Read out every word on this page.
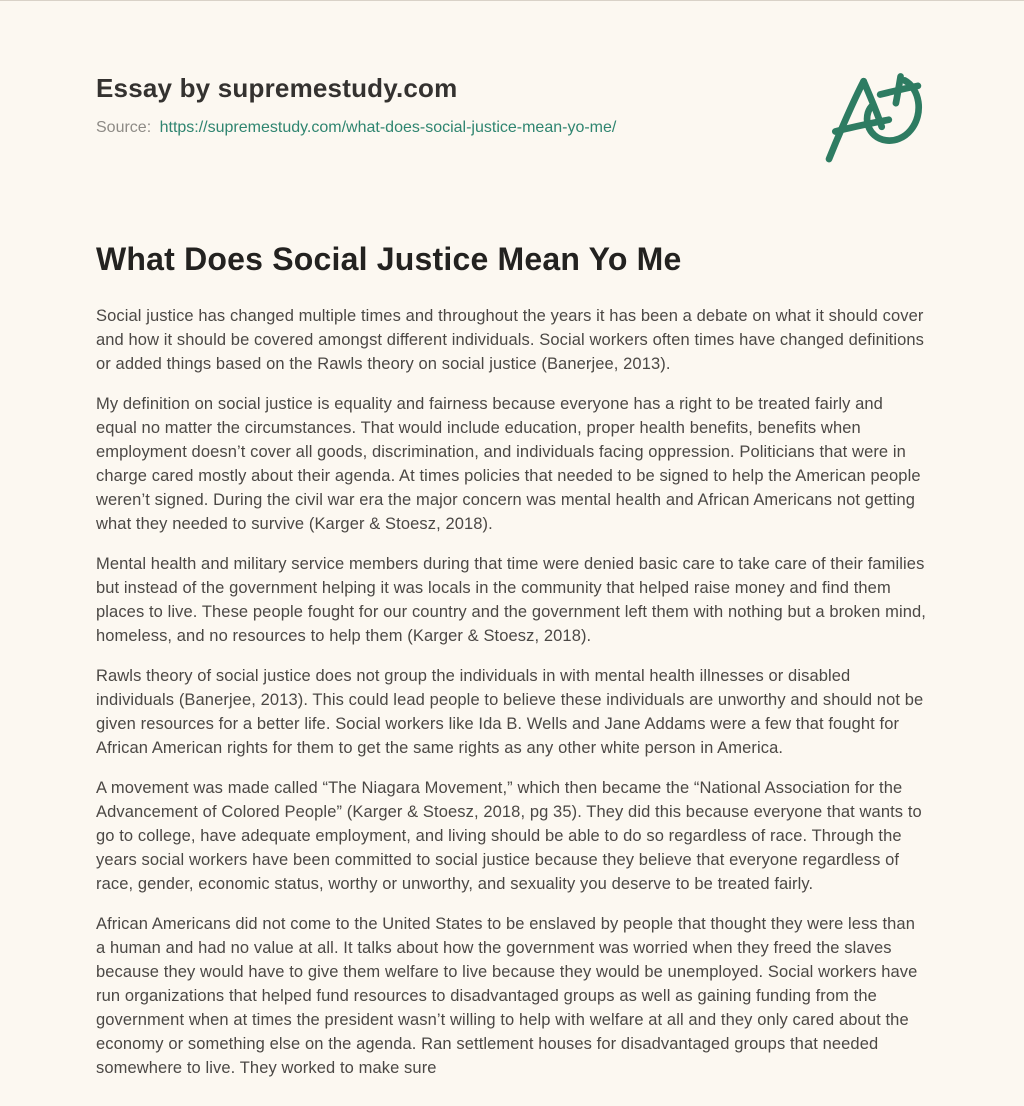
Essay by supremestudy.com
Source: https://supremestudy.com/what-does-social-justice-mean-yo-me/
What Does Social Justice Mean Yo Me

Social justice has changed multiple times and throughout the years it has been a debate on what it should cover and how it should be covered amongst different individuals. Social workers often times have changed definitions or added things based on the Rawls theory on social justice (Banerjee, 2013).

My definition on social justice is equality and fairness because everyone has a right to be treated fairly and equal no matter the circumstances. That would include education, proper health benefits, benefits when employment doesn’t cover all goods, discrimination, and individuals facing oppression. Politicians that were in charge cared mostly about their agenda. At times policies that needed to be signed to help the American people weren’t signed. During the civil war era the major concern was mental health and African Americans not getting what they needed to survive (Karger & Stoesz, 2018).

Mental health and military service members during that time were denied basic care to take care of their families but instead of the government helping it was locals in the community that helped raise money and find them places to live. These people fought for our country and the government left them with nothing but a broken mind, homeless, and no resources to help them (Karger & Stoesz, 2018).

Rawls theory of social justice does not group the individuals in with mental health illnesses or disabled individuals (Banerjee, 2013). This could lead people to believe these individuals are unworthy and should not be given resources for a better life. Social workers like Ida B. Wells and Jane Addams were a few that fought for African American rights for them to get the same rights as any other white person in America.

A movement was made called “The Niagara Movement,” which then became the “National Association for the Advancement of Colored People” (Karger & Stoesz, 2018, pg 35). They did this because everyone that wants to go to college, have adequate employment, and living should be able to do so regardless of race. Through the years social workers have been committed to social justice because they believe that everyone regardless of race, gender, economic status, worthy or unworthy, and sexuality you deserve to be treated fairly.

African Americans did not come to the United States to be enslaved by people that thought they were less than a human and had no value at all. It talks about how the government was worried when they freed the slaves because they would have to give them welfare to live because they would be unemployed. Social workers have run organizations that helped fund resources to disadvantaged groups as well as gaining funding from the government when at times the president wasn’t willing to help with welfare at all and they only cared about the economy or something else on the agenda. Ran settlement houses for disadvantaged groups that needed somewhere to live. They worked to make sure
